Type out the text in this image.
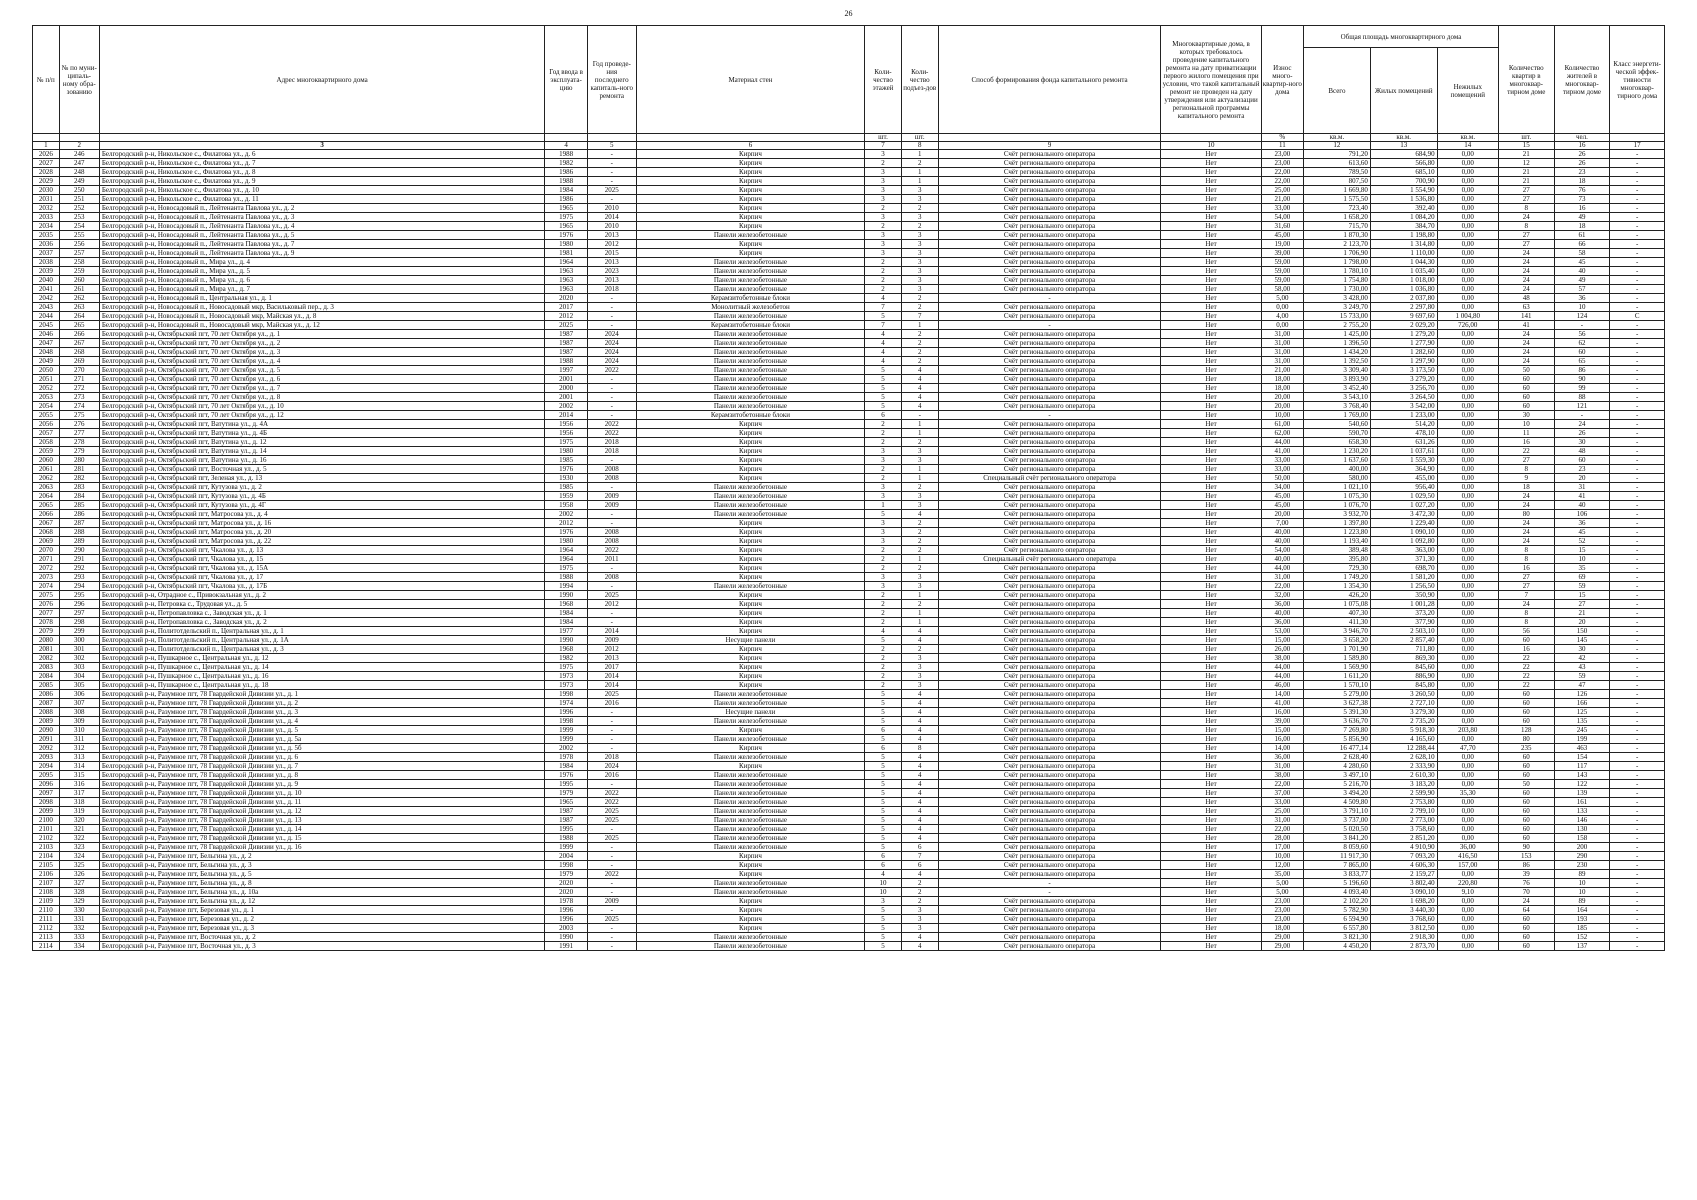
26
№ п/п	№ по муни-ципаль-ному обра-зованию	Адрес многоквартирного дома	Год ввода в эксплуата-цию	Год проведе-ния последнего капиталь-ного ремонта	Материал стен	Коли-чество этажей	Коли-чество подъез-дов	Способ формирования фонда капитального ремонта	Многоквартирные дома, в которых требовалось проведение капитального ремонта на дату приватизации первого жилого помещения при условии, что такой капитальный ремонт не проведен на дату утверждения или актуализации региональной программы капитального ремонта	Износ много-квартир-ного дома	Общая площадь многоквартирного дома			Количество квартир в многоквар-тирном доме	Количество жителей в многоквар-тирном доме	Класс энергети-ческой эффек-тивности многоквар-тирного дома
											Всего	Жилых помещений	Нежилых помещений			
						шт.	шт.			%	кв.м.	кв.м.	кв.м.	шт.	чел.	
1	2	3	4	5	6	7	8	9	10	11	12	13	14	15	16	17
2026	246	Белгородский р-н, Никольское с., Филатова ул., д. 6	1988	-	Кирпич	3	1	Счёт регионального оператора	Нет	23,00	791,20	684,90	0,00	21	26	-
2027	247	Белгородский р-н, Никольское с., Филатова ул., д. 7	1982	-	Кирпич	2	2	Счёт регионального оператора	Нет	23,00	613,60	566,80	0,00	12	26	-
2028	248	Белгородский р-н, Никольское с., Филатова ул., д. 8	1986	-	Кирпич	3	1	Счёт регионального оператора	Нет	22,00	789,50	685,10	0,00	21	23	-
2029	249	Белгородский р-н, Никольское с., Филатова ул., д. 9	1988	-	Кирпич	3	1	Счёт регионального оператора	Нет	22,00	807,50	700,90	0,00	21	18	-
2030	250	Белгородский р-н, Никольское с., Филатова ул., д. 10	1984	2025	Кирпич	3	3	Счёт регионального оператора	Нет	25,00	1 669,80	1 554,90	0,00	27	76	-
2031	251	Белгородский р-н, Никольское с., Филатова ул., д. 11	1986	-	Кирпич	3	3	Счёт регионального оператора	Нет	21,00	1 575,50	1 536,80	0,00	27	73	-
2032	252	Белгородский р-н, Новосадовый п., Лейтенанта Павлова ул., д. 2	1965	2010	Кирпич	2	2	Счёт регионального оператора	Нет	33,00	723,40	392,40	0,00	8	16	-
2033	253	Белгородский р-н, Новосадовый п., Лейтенанта Павлова ул., д. 3	1975	2014	Кирпич	3	3	Счёт регионального оператора	Нет	54,00	1 658,20	1 084,20	0,00	24	49	-
2034	254	Белгородский р-н, Новосадовый п., Лейтенанта Павлова ул., д. 4	1965	2010	Кирпич	2	2	Счёт регионального оператора	Нет	31,60	715,70	384,70	0,00	8	18	-
2035	255	Белгородский р-н, Новосадовый п., Лейтенанта Павлова ул., д. 5	1976	2013	Панели железобетонные	3	3	Счёт регионального оператора	Нет	45,00	1 870,30	1 198,80	0,00	27	61	-
2036	256	Белгородский р-н, Новосадовый п., Лейтенанта Павлова ул., д. 7	1980	2012	Кирпич	3	3	Счёт регионального оператора	Нет	19,00	2 123,70	1 314,80	0,00	27	66	-
2037	257	Белгородский р-н, Новосадовый п., Лейтенанта Павлова ул., д. 9	1981	2015	Кирпич	3	3	Счёт регионального оператора	Нет	39,00	1 706,90	1 110,00	0,00	24	58	-
2038	258	Белгородский р-н, Новосадовый п., Мира ул., д. 4	1964	2013	Панели железобетонные	2	3	Счёт регионального оператора	Нет	59,00	1 798,00	1 044,30	0,00	24	45	-
2039	259	Белгородский р-н, Новосадовый п., Мира ул., д. 5	1963	2023	Панели железобетонные	2	3	Счёт регионального оператора	Нет	59,00	1 780,10	1 035,40	0,00	24	40	-
2040	260	Белгородский р-н, Новосадовый п., Мира ул., д. 6	1963	2013	Панели железобетонные	2	3	Счёт регионального оператора	Нет	59,00	1 754,80	1 018,00	0,00	24	49	-
2041	261	Белгородский р-н, Новосадовый п., Мира ул., д. 7	1963	2018	Панели железобетонные	2	3	Счёт регионального оператора	Нет	58,00	1 730,00	1 036,80	0,00	24	57	-
2042	262	Белгородский р-н, Новосадовый п., Центральная ул., д. 1	2020	-	Керамзитобетонные блоки	4	2	-	Нет	5,00	3 428,00	2 037,80	0,00	48	36	-
2043	263	Белгородский р-н, Новосадовый п., Новосадовый мкр, Васильковый пер., д. 3	2017	-	Монолитный железобетон	7	2	Счёт регионального оператора	Нет	0,00	3 249,70	2 297,80	0,00	63	10	-
2044	264	Белгородский р-н, Новосадовый п., Новосадовый мкр, Майская ул., д. 8	2012	-	Панели железобетонные	5	7	Счёт регионального оператора	Нет	4,00	15 733,00	9 697,60	1 004,80	141	124	C
2045	265	Белгородский р-н, Новосадовый п., Новосадовый мкр, Майская ул., д. 12	2025	-	Керамзитобетонные блоки	7	1	-	Нет	0,00	2 755,20	2 029,20	726,00	41	-	-
2046	266	Белгородский р-н, Октябрьский пгт, 70 лет Октября ул., д. 1	1987	2024	Панели железобетонные	4	2	Счёт регионального оператора	Нет	31,00	1 425,00	1 279,20	0,00	24	56	-
2047	267	Белгородский р-н, Октябрьский пгт, 70 лет Октября ул., д. 2	1987	2024	Панели железобетонные	4	2	Счёт регионального оператора	Нет	31,00	1 396,50	1 277,90	0,00	24	62	-
2048	268	Белгородский р-н, Октябрьский пгт, 70 лет Октября ул., д. 3	1987	2024	Панели железобетонные	4	2	Счёт регионального оператора	Нет	31,00	1 434,20	1 282,60	0,00	24	60	-
2049	269	Белгородский р-н, Октябрьский пгт, 70 лет Октября ул., д. 4	1988	2024	Панели железобетонные	4	2	Счёт регионального оператора	Нет	31,00	1 392,50	1 297,90	0,00	24	65	-
2050	270	Белгородский р-н, Октябрьский пгт, 70 лет Октября ул., д. 5	1997	2022	Панели железобетонные	5	4	Счёт регионального оператора	Нет	21,00	3 309,40	3 173,50	0,00	50	86	-
2051	271	Белгородский р-н, Октябрьский пгт, 70 лет Октября ул., д. 6	2001	-	Панели железобетонные	5	4	Счёт регионального оператора	Нет	18,00	3 893,90	3 279,20	0,00	60	90	-
2052	272	Белгородский р-н, Октябрьский пгт, 70 лет Октября ул., д. 7	2000	-	Панели железобетонные	5	4	Счёт регионального оператора	Нет	18,00	3 452,40	3 256,70	0,00	60	99	-
2053	273	Белгородский р-н, Октябрьский пгт, 70 лет Октября ул., д. 8	2001	-	Панели железобетонные	5	4	Счёт регионального оператора	Нет	20,00	3 543,10	3 264,50	0,00	60	88	-
2054	274	Белгородский р-н, Октябрьский пгт, 70 лет Октября ул., д. 10	2002	-	Панели железобетонные	5	4	Счёт регионального оператора	Нет	20,00	3 768,40	3 542,00	0,00	60	121	-
2055	275	Белгородский р-н, Октябрьский пгт, 70 лет Октября ул., д. 12	2014	-	Керамзитобетонные блоки	6	-	-	Нет	10,00	1 769,00	1 233,00	0,00	30	-	-
2056	276	Белгородский р-н, Октябрьский пгт, Ватутина ул., д. 4А	1956	2022	Кирпич	2	1	Счёт регионального оператора	Нет	61,00	540,60	514,20	0,00	10	24	-
2057	277	Белгородский р-н, Октябрьский пгт, Ватутина ул., д. 4Б	1956	2022	Кирпич	2	1	Счёт регионального оператора	Нет	62,00	590,70	478,10	0,00	11	26	-
2058	278	Белгородский р-н, Октябрьский пгт, Ватутина ул., д. 12	1975	2018	Кирпич	2	2	Счёт регионального оператора	Нет	44,00	658,30	631,26	0,00	16	30	-
2059	279	Белгородский р-н, Октябрьский пгт, Ватутина ул., д. 14	1980	2018	Кирпич	3	3	Счёт регионального оператора	Нет	41,00	1 230,20	1 037,61	0,00	22	48	-
2060	280	Белгородский р-н, Октябрьский пгт, Ватутина ул., д. 16	1985	-	Кирпич	3	3	Счёт регионального оператора	Нет	33,00	1 637,60	1 559,30	0,00	27	60	-
2061	281	Белгородский р-н, Октябрьский пгт, Восточная ул., д. 5	1976	2008	Кирпич	2	1	Счёт регионального оператора	Нет	33,00	400,00	364,90	0,00	8	23	-
2062	282	Белгородский р-н, Октябрьский пгт, Зеленая ул., д. 13	1930	2008	Кирпич	2	1	Специальный счёт регионального оператора	Нет	50,00	580,00	455,00	0,00	9	20	-
2063	283	Белгородский р-н, Октябрьский пгт, Кутузова ул., д. 2	1985	-	Панели железобетонные	3	2	Счёт регионального оператора	Нет	34,00	1 021,10	956,40	0,00	18	31	-
2064	284	Белгородский р-н, Октябрьский пгт, Кутузова ул., д. 4Б	1959	2009	Панели железобетонные	3	3	Счёт регионального оператора	Нет	45,00	1 075,30	1 029,50	0,00	24	41	-
2065	285	Белгородский р-н, Октябрьский пгт, Кутузова ул., д. 4Г	1958	2009	Панели железобетонные	1	3	Счёт регионального оператора	Нет	45,00	1 076,70	1 027,20	0,00	24	40	-
2066	286	Белгородский р-н, Октябрьский пгт, Матросова ул., д. 4	2002	-	Панели железобетонные	5	4	Счёт регионального оператора	Нет	20,00	3 932,70	3 472,30	0,00	80	106	-
2067	287	Белгородский р-н, Октябрьский пгт, Матросова ул., д. 16	2012	-	Кирпич	3	2	Счёт регионального оператора	Нет	7,00	1 397,80	1 229,40	0,00	24	36	-
2068	288	Белгородский р-н, Октябрьский пгт, Матросова ул., д. 20	1976	2008	Кирпич	3	2	Счёт регионального оператора	Нет	40,00	1 223,80	1 090,10	0,00	24	45	-
2069	289	Белгородский р-н, Октябрьский пгт, Матросова ул., д. 22	1980	2008	Кирпич	3	2	Счёт регионального оператора	Нет	40,00	1 193,40	1 092,80	0,00	24	52	-
2070	290	Белгородский р-н, Октябрьский пгт, Чкалова ул., д. 13	1964	2022	Кирпич	2	2	Счёт регионального оператора	Нет	54,00	389,48	363,00	0,00	8	15	-
2071	291	Белгородский р-н, Октябрьский пгт, Чкалова ул., д. 15	1964	2011	Кирпич	2	1	Специальный счёт регионального оператора	Нет	40,00	395,80	371,30	0,00	8	10	-
2072	292	Белгородский р-н, Октябрьский пгт, Чкалова ул., д. 15А	1975	-	Кирпич	2	2	Счёт регионального оператора	Нет	44,00	729,30	698,70	0,00	16	35	-
2073	293	Белгородский р-н, Октябрьский пгт, Чкалова ул., д. 17	1988	2008	Кирпич	3	3	Счёт регионального оператора	Нет	31,00	1 749,20	1 581,20	0,00	27	69	-
2074	294	Белгородский р-н, Октябрьский пгт, Чкалова ул., д. 17Б	1994	-	Панели железобетонные	3	3	Счёт регионального оператора	Нет	22,00	1 354,30	1 256,50	0,00	27	59	-
2075	295	Белгородский р-н, Отрадное с., Привокзальная ул., д. 2	1990	2025	Кирпич	2	1	Счёт регионального оператора	Нет	32,00	426,20	350,90	0,00	7	15	-
2076	296	Белгородский р-н, Петровка с., Трудовая ул., д. 5	1968	2012	Кирпич	2	2	Счёт регионального оператора	Нет	36,00	1 075,08	1 001,28	0,00	24	27	-
2077	297	Белгородский р-н, Петропавловка с., Заводская ул., д. 1	1984	-	Кирпич	2	1	Счёт регионального оператора	Нет	40,00	407,30	373,20	0,00	8	21	-
2078	298	Белгородский р-н, Петропавловка с., Заводская ул., д. 2	1984	-	Кирпич	2	1	Счёт регионального оператора	Нет	36,00	411,30	377,90	0,00	8	20	-
2079	299	Белгородский р-н, Политотдельский п., Центральная ул., д. 1	1977	2014	Кирпич	4	4	Счёт регионального оператора	Нет	53,00	3 946,70	2 503,10	0,00	56	150	-
2080	300	Белгородский р-н, Политотдельский п., Центральная ул., д. 1А	1990	2009	Несущие панели	5	4	Счёт регионального оператора	Нет	15,00	3 658,20	2 857,40	0,00	60	145	-
2081	301	Белгородский р-н, Политотдельский п., Центральная ул., д. 3	1968	2012	Кирпич	2	2	Счёт регионального оператора	Нет	26,00	1 701,90	711,80	0,00	16	30	-
2082	302	Белгородский р-н, Пушкарное с., Центральная ул., д. 12	1982	2013	Кирпич	2	3	Счёт регионального оператора	Нет	38,00	1 589,80	869,30	0,00	22	42	-
2083	303	Белгородский р-н, Пушкарное с., Центральная ул., д. 14	1975	2017	Кирпич	2	3	Счёт регионального оператора	Нет	44,00	1 569,90	845,60	0,00	22	43	-
2084	304	Белгородский р-н, Пушкарное с., Центральная ул., д. 16	1973	2014	Кирпич	2	3	Счёт регионального оператора	Нет	44,00	1 611,20	886,90	0,00	22	59	-
2085	305	Белгородский р-н, Пушкарное с., Центральная ул., д. 18	1973	2014	Кирпич	2	3	Счёт регионального оператора	Нет	46,00	1 570,10	845,80	0,00	22	47	-
2086	306	Белгородский р-н, Разумное пгт, 78 Гвардейской Дивизии ул., д. 1	1998	2025	Панели железобетонные	5	4	Счёт регионального оператора	Нет	14,00	5 279,00	3 260,50	0,00	60	126	-
2087	307	Белгородский р-н, Разумное пгт, 78 Гвардейской Дивизии ул., д. 2	1974	2016	Панели железобетонные	5	4	Счёт регионального оператора	Нет	41,00	3 627,38	2 727,10	0,00	60	166	-
2088	308	Белгородский р-н, Разумное пгт, 78 Гвардейской Дивизии ул., д. 3	1996	-	Несущие панели	5	4	Счёт регионального оператора	Нет	16,00	5 391,30	3 279,30	0,00	60	125	-
2089	309	Белгородский р-н, Разумное пгт, 78 Гвардейской Дивизии ул., д. 4	1998	-	Панели железобетонные	5	4	Счёт регионального оператора	Нет	39,00	3 636,70	2 735,20	0,00	60	135	-
2090	310	Белгородский р-н, Разумное пгт, 78 Гвардейской Дивизии ул., д. 5	1999	-	Кирпич	6	4	Счёт регионального оператора	Нет	15,00	7 269,80	5 918,30	203,80	128	245	-
2091	311	Белгородский р-н, Разумное пгт, 78 Гвардейской Дивизии ул., д. 5а	1999	-	Панели железобетонные	5	4	Счёт регионального оператора	Нет	16,00	5 856,90	4 165,60	0,00	80	199	-
2092	312	Белгородский р-н, Разумное пгт, 78 Гвардейской Дивизии ул., д. 5б	2002	-	Кирпич	6	8	Счёт регионального оператора	Нет	14,00	16 477,14	12 288,44	47,70	235	463	-
2093	313	Белгородский р-н, Разумное пгт, 78 Гвардейской Дивизии ул., д. 6	1978	2018	Панели железобетонные	5	4	Счёт регионального оператора	Нет	36,00	2 628,40	2 628,10	0,00	60	154	-
2094	314	Белгородский р-н, Разумное пгт, 78 Гвардейской Дивизии ул., д. 7	1984	2024	Кирпич	5	4	Счёт регионального оператора	Нет	31,00	4 280,60	2 333,90	0,00	60	117	-
2095	315	Белгородский р-н, Разумное пгт, 78 Гвардейской Дивизии ул., д. 8	1976	2016	Панели железобетонные	5	4	Счёт регионального оператора	Нет	38,00	3 497,10	2 610,30	0,00	60	143	-
2096	316	Белгородский р-н, Разумное пгт, 78 Гвардейской Дивизии ул., д. 9	1995	-	Панели железобетонные	5	4	Счёт регионального оператора	Нет	22,00	5 216,70	3 183,20	0,00	50	122	-
2097	317	Белгородский р-н, Разумное пгт, 78 Гвардейской Дивизии ул., д. 10	1979	2022	Панели железобетонные	5	4	Счёт регионального оператора	Нет	37,00	3 494,20	2 599,90	35,30	60	139	-
2098	318	Белгородский р-н, Разумное пгт, 78 Гвардейской Дивизии ул., д. 11	1965	2022	Панели железобетонные	5	4	Счёт регионального оператора	Нет	33,00	4 509,80	2 753,80	0,00	60	161	-
2099	319	Белгородский р-н, Разумное пгт, 78 Гвардейской Дивизии ул., д. 12	1987	2025	Панели железобетонные	5	4	Счёт регионального оператора	Нет	25,00	3 791,10	2 799,10	0,00	60	133	-
2100	320	Белгородский р-н, Разумное пгт, 78 Гвардейской Дивизии ул., д. 13	1987	2025	Панели железобетонные	5	4	Счёт регионального оператора	Нет	31,00	3 737,00	2 773,00	0,00	60	146	-
2101	321	Белгородский р-н, Разумное пгт, 78 Гвардейской Дивизии ул., д. 14	1995	-	Панели железобетонные	5	4	Счёт регионального оператора	Нет	22,00	5 020,50	3 758,60	0,00	60	130	-
2102	322	Белгородский р-н, Разумное пгт, 78 Гвардейской Дивизии ул., д. 15	1988	2025	Панели железобетонные	5	4	Счёт регионального оператора	Нет	28,00	3 841,20	2 851,20	0,00	60	158	-
2103	323	Белгородский р-н, Разумное пгт, 78 Гвардейской Дивизии ул., д. 16	1999	-	Панели железобетонные	5	6	Счёт регионального оператора	Нет	17,00	8 059,60	4 910,90	36,00	90	200	-
2104	324	Белгородский р-н, Разумное пгт, Бельгина ул., д. 2	2004	-	Кирпич	6	7	Счёт регионального оператора	Нет	10,00	11 917,30	7 093,20	416,50	153	290	-
2105	325	Белгородский р-н, Разумное пгт, Бельгина ул., д. 3	1998	-	Кирпич	6	6	Счёт регионального оператора	Нет	12,00	7 865,00	4 606,30	157,00	86	230	-
2106	326	Белгородский р-н, Разумное пгт, Бельгина ул., д. 5	1979	2022	Кирпич	4	4	Счёт регионального оператора	Нет	35,00	3 833,77	2 159,27	0,00	39	89	-
2107	327	Белгородский р-н, Разумное пгт, Бельгина ул., д. 8	2020	-	Панели железобетонные	10	2	-	Нет	5,00	5 196,60	3 802,40	220,80	76	10	-
2108	328	Белгородский р-н, Разумное пгт, Бельгина ул., д. 10а	2020	-	Панели железобетонные	10	2	-	Нет	5,00	4 093,40	3 090,10	9,10	70	10	-
2109	329	Белгородский р-н, Разумное пгт, Бельгина ул., д. 12	1978	2009	Кирпич	3	2	Счёт регионального оператора	Нет	23,00	2 102,20	1 698,20	0,00	24	89	-
2110	330	Белгородский р-н, Разумное пгт, Березовая ул., д. 1	1996	-	Кирпич	5	3	Счёт регионального оператора	Нет	23,00	5 782,90	3 440,30	0,00	64	164	-
2111	331	Белгородский р-н, Разумное пгт, Березовая ул., д. 2	1996	2025	Кирпич	5	3	Счёт регионального оператора	Нет	23,00	6 594,90	3 768,60	0,00	60	193	-
2112	332	Белгородский р-н, Разумное пгт, Березовая ул., д. 3	2003	-	Кирпич	5	3	Счёт регионального оператора	Нет	18,00	6 557,80	3 812,50	0,00	60	185	-
2113	333	Белгородский р-н, Разумное пгт, Восточная ул., д. 2	1990	-	Панели железобетонные	5	4	Счёт регионального оператора	Нет	29,00	3 821,30	2 918,30	0,00	60	152	-
2114	334	Белгородский р-н, Разумное пгт, Восточная ул., д. 3	1991	-	Панели железобетонные	5	4	Счёт регионального оператора	Нет	29,00	4 450,20	2 873,70	0,00	60	137	-
